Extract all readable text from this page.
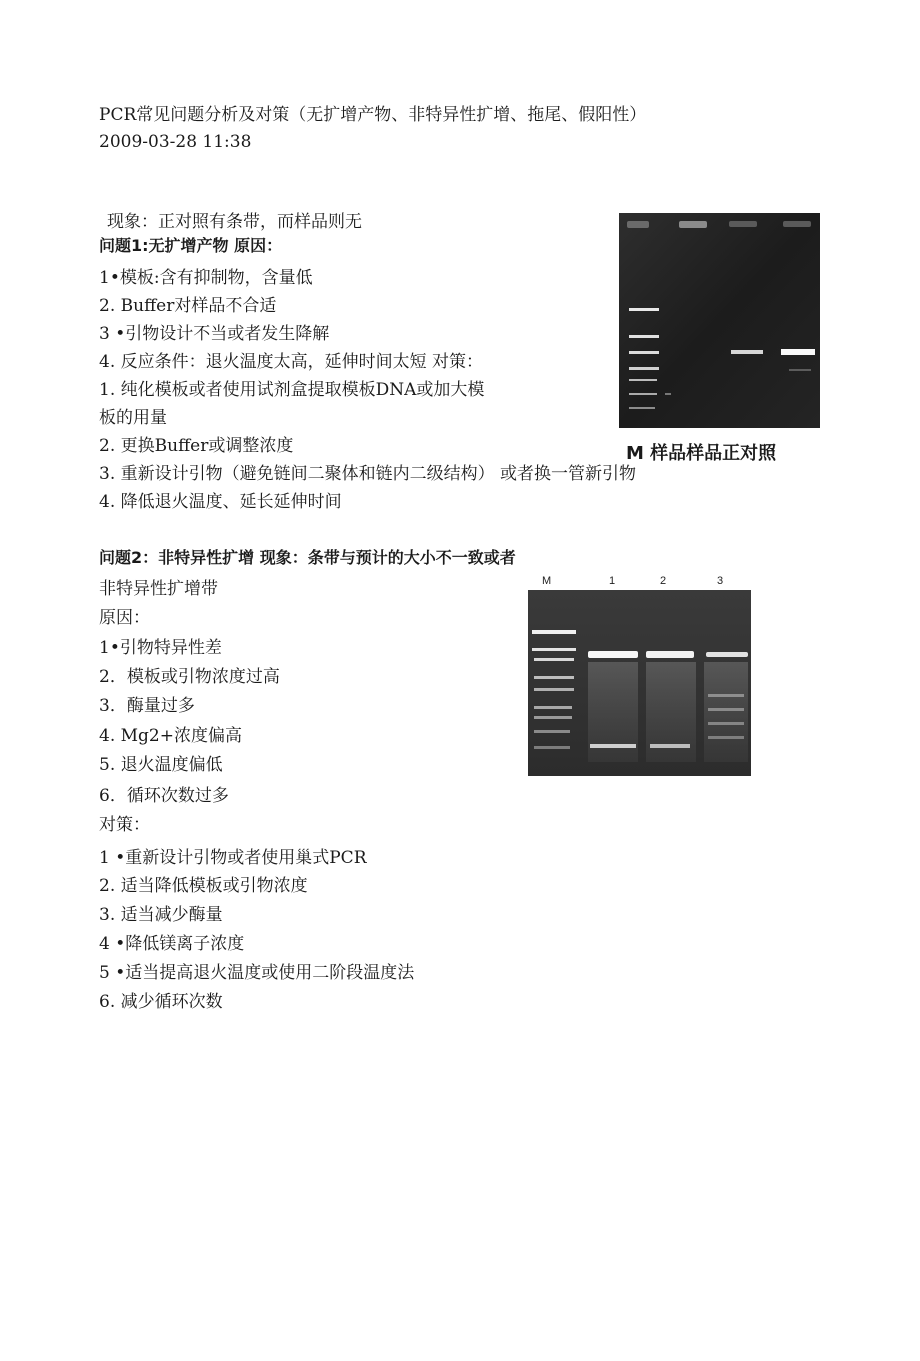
PCR常见问题分析及对策（无扩增产物、非特异性扩增、拖尾、假阳性）
2009-03-28 11:38
现象：正对照有条带，而样品则无
问题1:无扩增产物 原因：
1•模板:含有抑制物，含量低
2. Buffer对样品不合适
3 •引物设计不当或者发生降解
4. 反应条件：退火温度太高，延伸时间太短 对策：
1. 纯化模板或者使用试剂盒提取模板DNA或加大模
板的用量
2. 更换Buffer或调整浓度
3. 重新设计引物（避免链间二聚体和链内二级结构） 或者换一管新引物
4. 降低退火温度、延长延伸时间
M 样品样品正对照
问题2：非特异性扩增 现象：条带与预计的大小不一致或者
非特异性扩增带
原因：
1•引物特异性差
2．模板或引物浓度过高
3．酶量过多
4. Mg2+浓度偏高
5. 退火温度偏低
6．循环次数过多
对策：
1 •重新设计引物或者使用巢式PCR
2. 适当降低模板或引物浓度
3. 适当减少酶量
4 •降低镁离子浓度
5 •适当提高退火温度或使用二阶段温度法
6. 减少循环次数
M	1	2	3
